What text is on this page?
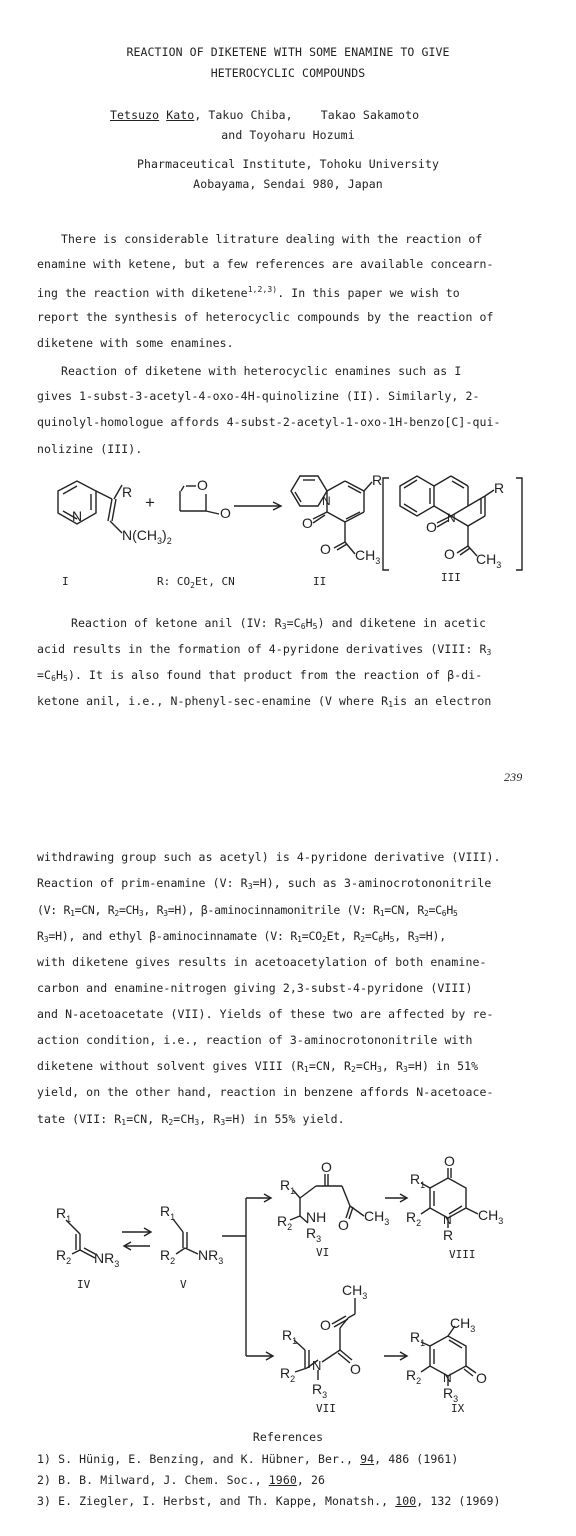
REACTION OF DIKETENE WITH SOME ENAMINE TO GIVE
HETEROCYCLIC COMPOUNDS
Tetsuzo Kato, Takuo Chiba, Takao Sakamoto
and Toyoharu Hozumi
Pharmaceutical Institute, Tohoku University
Aobayama, Sendai 980, Japan
There is considerable litrature dealing with the reaction of
enamine with ketene, but a few references are available concearn-
ing the reaction with diketene$^{1,2,3)}$. In this paper we wish to
report the synthesis of heterocyclic compounds by the reaction of
diketene with some enamines.
Reaction of diketene with heterocyclic enamines such as I
gives 1-subst-3-acetyl-4-oxo-4H-quinolizine (II). Similarly, 2-
quinolyl-homologue affords 4-subst-2-acetyl-1-oxo-1H-benzo[C]-qui-
nolizine (III).
N
R
$N(CH_3)_2$
+
O
O
N
R
O
O $CH_3$
N
R
O
O $CH_3$
I	R: $CO_2Et$, CN	II	III
Reaction of ketone anil (IV: $R_3=C_6H_5$) and diketene in acetic
acid results in the formation of 4-pyridone derivatives (VIII: $R_3$
$=C_6H_5$). It is also found that product from the reaction of β-di-
ketone anil, i.e., N-phenyl-sec-enamine (V where $R_1is$ an electron
239
withdrawing group such as acetyl) is 4-pyridone derivative (VIII).
Reaction of prim-enamine (V: $R_3=H$), such as 3-aminocrotononitrile
(V: $R_1=CN$, $R_2=CH_3$, $R_3=H$), β-aminocinnamonitrile (V: $R_1=CN$, $R_2=C_6H_5$
$R_3=H$), and ethyl β-aminocinnamate (V: $R_1=CO_2Et$, $R_2=C_6H_5$, $R_3=H$),
with diketene gives results in acetoacetylation of both enamine-
carbon and enamine-nitrogen giving 2,3-subst-4-pyridone (VIII)
and N-acetoacetate (VII). Yields of these two are affected by re-
action condition, i.e., reaction of 3-aminocrotononitrile with
diketene without solvent gives VIII ($R_1=CN$, $R_2=CH_3$, $R_3=H$) in 51%
yield, on the other hand, reaction in benzene affords N-acetoace-
tate (VII: $R_1=CN$, $R_2=CH_3$, $R_3=H$) in 55% yield.
$R_1$
$R_2$ $NR_3$
$R_1$
$R_2$ $NR_3$
O
$R_1$
$R_2$
NH
$R_3$
O
$CH_3$
O
$R_1$
$R_2$ N
R
$CH_3$
$CH_3$
O
$R_1$
$R_2$
N
$R_3$
O
$CH_3$
$R_1$
$R_2$ N
$R_3$
O
IV	V
VI	VIII
VII	IX
References
1) S. Hünig, E. Benzing, and K. Hübner, Ber., 94, 486 (1961)
2) B. B. Milward, J. Chem. Soc., 1960, 26
3) E. Ziegler, I. Herbst, and Th. Kappe, Monatsh., 100, 132 (1969)
